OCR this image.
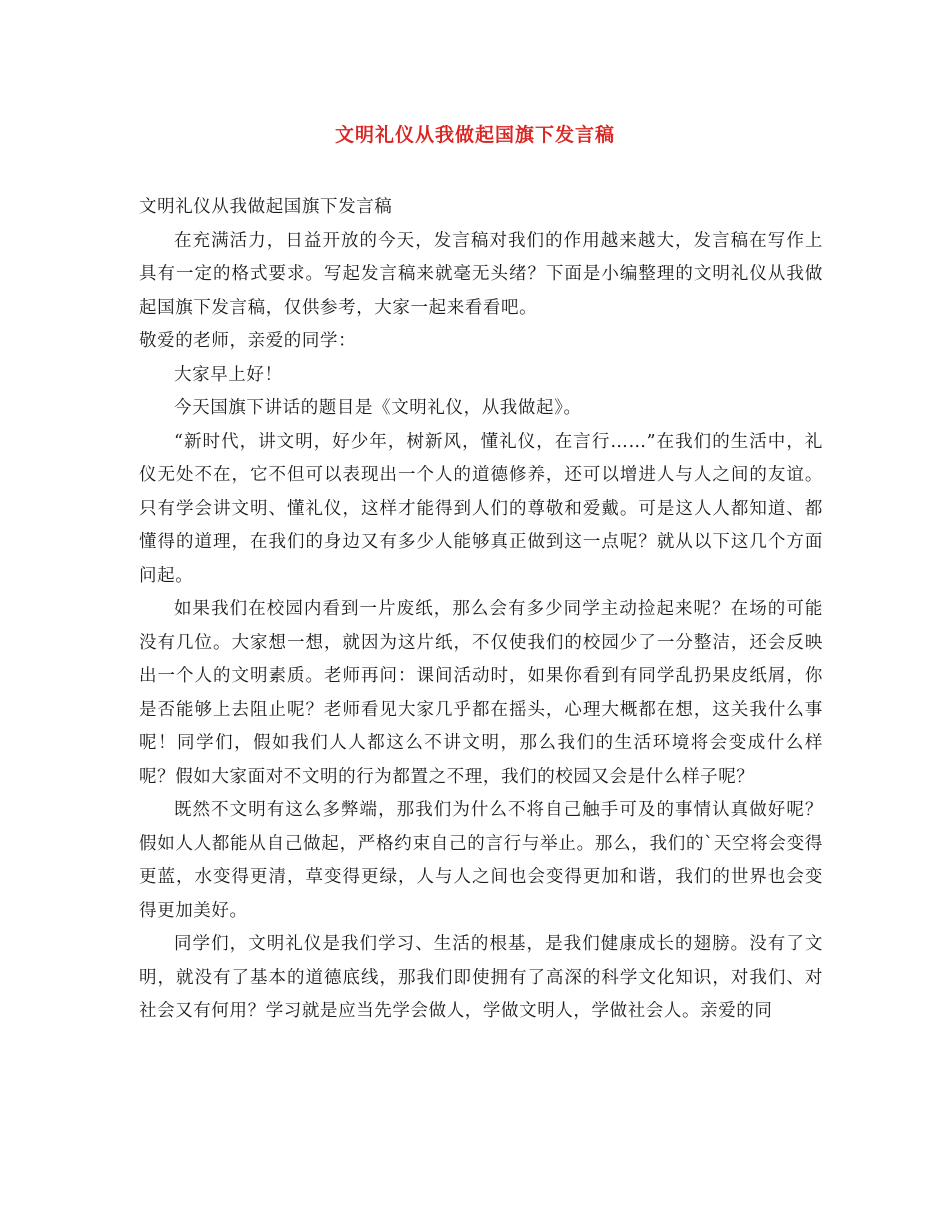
文明礼仪从我做起国旗下发言稿

文明礼仪从我做起国旗下发言稿

在充满活力，日益开放的今天，发言稿对我们的作用越来越大，发言稿在写作上具有一定的格式要求。写起发言稿来就毫无头绪？下面是小编整理的文明礼仪从我做起国旗下发言稿，仅供参考，大家一起来看看吧。

敬爱的老师，亲爱的同学：

大家早上好！

今天国旗下讲话的题目是《文明礼仪，从我做起》。

“新时代，讲文明，好少年，树新风，懂礼仪，在言行……”在我们的生活中，礼仪无处不在，它不但可以表现出一个人的道德修养，还可以增进人与人之间的友谊。只有学会讲文明、懂礼仪，这样才能得到人们的尊敬和爱戴。可是这人人都知道、都懂得的道理，在我们的身边又有多少人能够真正做到这一点呢？就从以下这几个方面问起。

如果我们在校园内看到一片废纸，那么会有多少同学主动捡起来呢？在场的可能没有几位。大家想一想，就因为这片纸，不仅使我们的校园少了一分整洁，还会反映出一个人的文明素质。老师再问：课间活动时，如果你看到有同学乱扔果皮纸屑，你是否能够上去阻止呢？老师看见大家几乎都在摇头，心理大概都在想，这关我什么事呢！同学们，假如我们人人都这么不讲文明，那么我们的生活环境将会变成什么样呢？假如大家面对不文明的行为都置之不理，我们的校园又会是什么样子呢？

既然不文明有这么多弊端，那我们为什么不将自己触手可及的事情认真做好呢？假如人人都能从自己做起，严格约束自己的言行与举止。那么，我们的`天空将会变得更蓝，水变得更清，草变得更绿，人与人之间也会变得更加和谐，我们的世界也会变得更加美好。

同学们，文明礼仪是我们学习、生活的根基，是我们健康成长的翅膀。没有了文明，就没有了基本的道德底线，那我们即使拥有了高深的科学文化知识，对我们、对社会又有何用？学习就是应当先学会做人，学做文明人，学做社会人。亲爱的同
